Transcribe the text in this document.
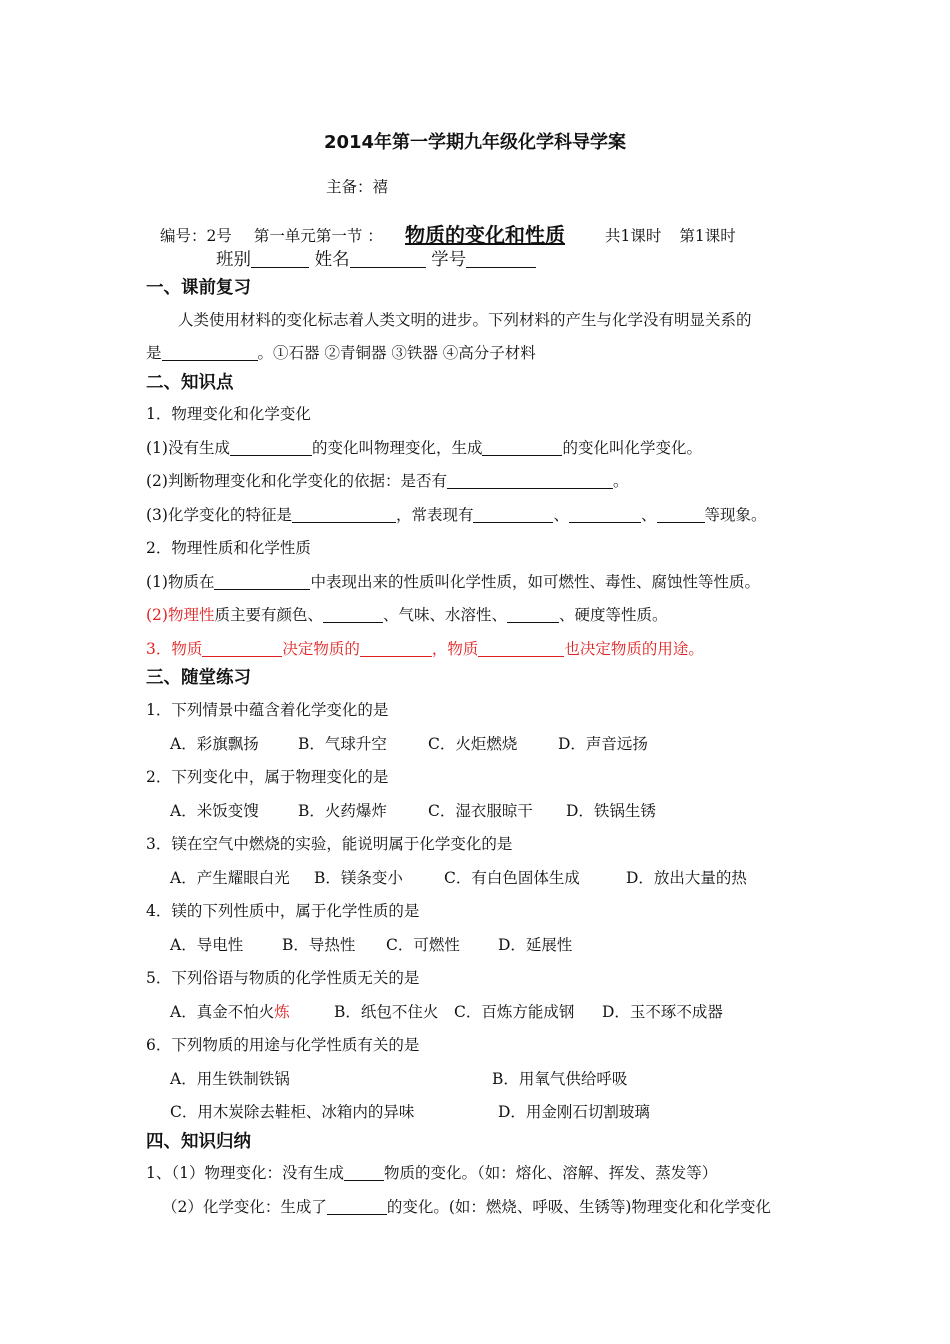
2014年第一学期九年级化学科导学案
主备：禧
编号：2号 第一单元第一节 ： 物质的变化和性质	共1课时 第1课时
班别	姓名	学号
一、课前复习
人类使用材料的变化标志着人类文明的进步。下列材料的产生与化学没有明显关系的
是	。①石器 ②青铜器 ③铁器 ④高分子材料
二、知识点
1．物理变化和化学变化
(1)没有生成	的变化叫物理变化，生成	的变化叫化学变化。
(2)判断物理变化和化学变化的依据：是否有	。
(3)化学变化的特征是	，常表现有	、	、	等现象。
2．物理性质和化学性质
(1)物质在	中表现出来的性质叫化学性质，如可燃性、毒性、腐蚀性等性质。
(2)物理性质主要有颜色、	、气味、水溶性、	、硬度等性质。
3．物质	决定物质的	，物质	也决定物质的用途。
三、随堂练习
1．下列情景中蕴含着化学变化的是
A．彩旗飘扬	B．气球升空	C．火炬燃烧	D．声音远扬
2．下列变化中，属于物理变化的是
A．米饭变馊	B．火药爆炸	C．湿衣服晾干 D．铁锅生锈
3．镁在空气中燃烧的实验，能说明属于化学变化的是
A．产生耀眼白光 B．镁条变小	C．有白色固体生成	D．放出大量的热
4．镁的下列性质中，属于化学性质的是
A．导电性	B．导热性 C．可燃性 D．延展性
5．下列俗语与物质的化学性质无关的是
A．真金不怕火炼	B．纸包不住火 C．百炼方能成钢 D．玉不琢不成器
6．下列物质的用途与化学性质有关的是
A．用生铁制铁锅	B．用氧气供给呼吸
C．用木炭除去鞋柜、冰箱内的异味	D．用金刚石切割玻璃
四、知识归纳
1、（1）物理变化：没有生成	物质的变化。（如：熔化、溶解、挥发、蒸发等）
（2）化学变化：生成了	的变化。(如：燃烧、呼吸、生锈等)物理变化和化学变化
